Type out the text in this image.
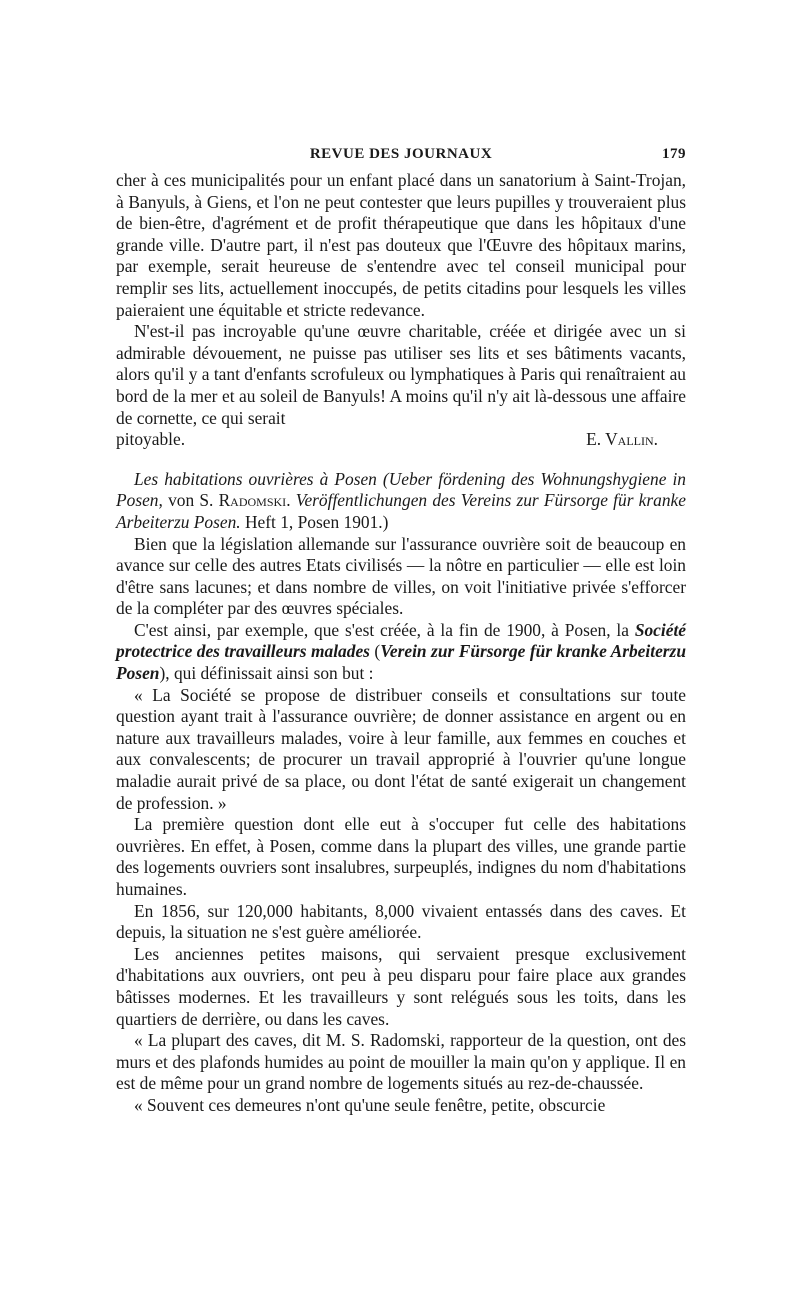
REVUE DES JOURNAUX	179

cher à ces municipalités pour un enfant placé dans un sanatorium à Saint-Trojan, à Banyuls, à Giens, et l'on ne peut contester que leurs pupilles y trouveraient plus de bien-être, d'agrément et de profit thérapeutique que dans les hôpitaux d'une grande ville. D'autre part, il n'est pas douteux que l'Œuvre des hôpitaux marins, par exemple, serait heureuse de s'entendre avec tel conseil municipal pour remplir ses lits, actuellement inoccupés, de petits citadins pour lesquels les villes paieraient une équitable et stricte redevance.

N'est-il pas incroyable qu'une œuvre charitable, créée et dirigée avec un si admirable dévouement, ne puisse pas utiliser ses lits et ses bâtiments vacants, alors qu'il y a tant d'enfants scrofuleux ou lymphatiques à Paris qui renaîtraient au bord de la mer et au soleil de Banyuls! A moins qu'il n'y ait là-dessous une affaire de cornette, ce qui serait

pitoyable.	E. Vallin.

Les habitations ouvrières à Posen (Ueber fördening des Wohnungshygiene in Posen, von S. Radomski. Veröffentlichungen des Vereins zur Fürsorge für kranke Arbeiterzu Posen. Heft 1, Posen 1901.)

Bien que la législation allemande sur l'assurance ouvrière soit de beaucoup en avance sur celle des autres Etats civilisés — la nôtre en particulier — elle est loin d'être sans lacunes; et dans nombre de villes, on voit l'initiative privée s'efforcer de la compléter par des œuvres spéciales.

C'est ainsi, par exemple, que s'est créée, à la fin de 1900, à Posen, la Société protectrice des travailleurs malades (Verein zur Fürsorge für kranke Arbeiterzu Posen), qui définissait ainsi son but :

« La Société se propose de distribuer conseils et consultations sur toute question ayant trait à l'assurance ouvrière; de donner assistance en argent ou en nature aux travailleurs malades, voire à leur famille, aux femmes en couches et aux convalescents; de procurer un travail approprié à l'ouvrier qu'une longue maladie aurait privé de sa place, ou dont l'état de santé exigerait un changement de profession. »

La première question dont elle eut à s'occuper fut celle des habitations ouvrières. En effet, à Posen, comme dans la plupart des villes, une grande partie des logements ouvriers sont insalubres, surpeuplés, indignes du nom d'habitations humaines.

En 1856, sur 120,000 habitants, 8,000 vivaient entassés dans des caves. Et depuis, la situation ne s'est guère améliorée.

Les anciennes petites maisons, qui servaient presque exclusivement d'habitations aux ouvriers, ont peu à peu disparu pour faire place aux grandes bâtisses modernes. Et les travailleurs y sont relégués sous les toits, dans les quartiers de derrière, ou dans les caves.

« La plupart des caves, dit M. S. Radomski, rapporteur de la question, ont des murs et des plafonds humides au point de mouiller la main qu'on y applique. Il en est de même pour un grand nombre de logements situés au rez-de-chaussée.

« Souvent ces demeures n'ont qu'une seule fenêtre, petite, obscurcie
